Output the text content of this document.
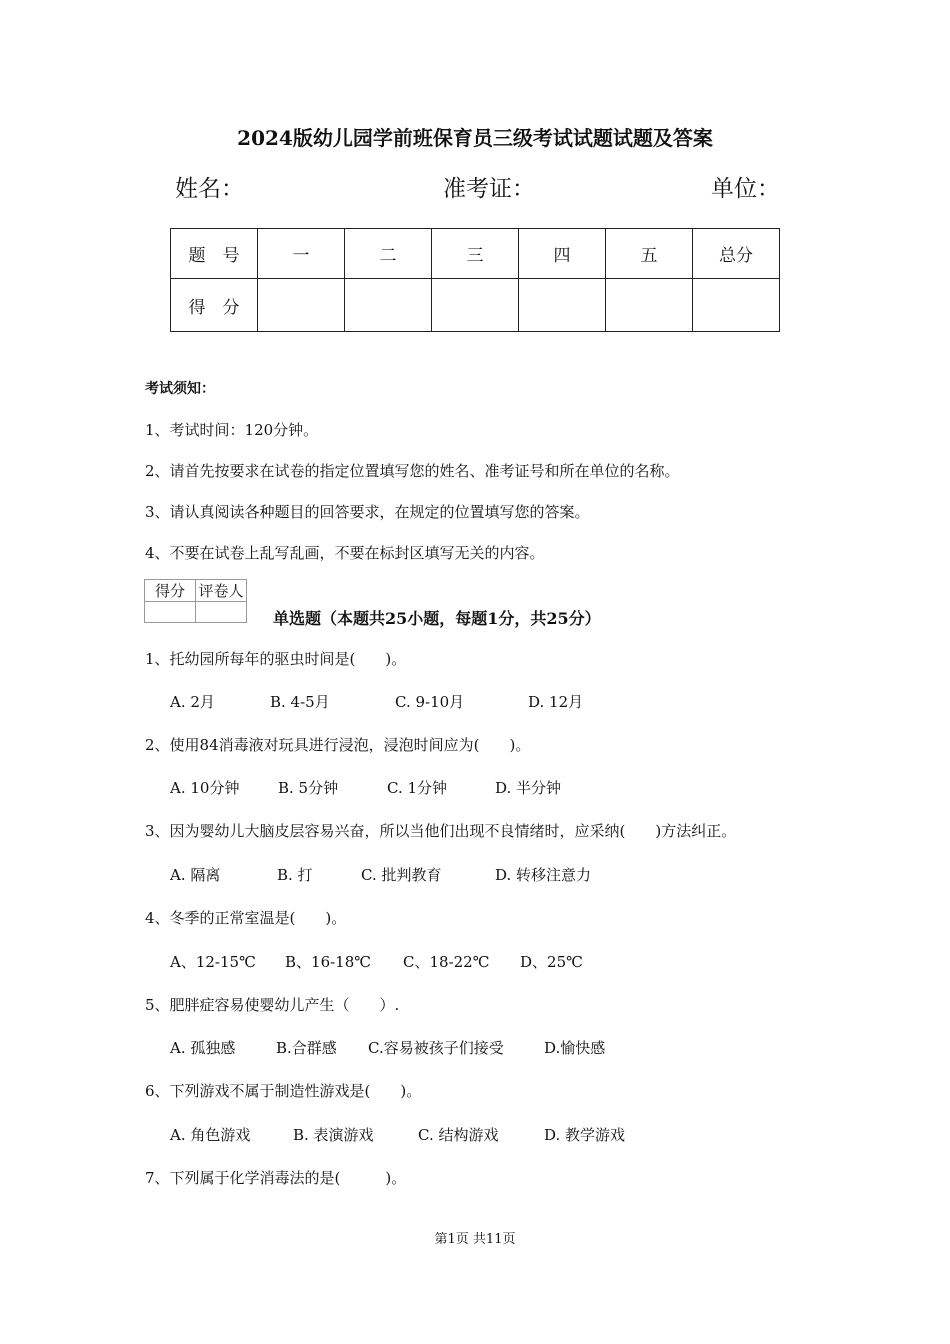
2024版幼儿园学前班保育员三级考试试题试题及答案
姓名：	准考证：	单位：
题　号	一	二	三	四	五	总分
得　分						
考试须知：
1、考试时间：120分钟。
2、请首先按要求在试卷的指定位置填写您的姓名、准考证号和所在单位的名称。
3、请认真阅读各种题目的回答要求，在规定的位置填写您的答案。
4、不要在试卷上乱写乱画，不要在标封区填写无关的内容。
得分	评卷人

单选题（本题共25小题，每题1分，共25分）
1、托幼园所每年的驱虫时间是(　　)。
A. 2月	B. 4-5月	C. 9-10月	D. 12月
2、使用84消毒液对玩具进行浸泡，浸泡时间应为(　　)。
A. 10分钟	B. 5分钟	C. 1分钟	D. 半分钟
3、因为婴幼儿大脑皮层容易兴奋，所以当他们出现不良情绪时，应采纳(　　)方法纠正。
A. 隔离	B. 打	C. 批判教育	D. 转移注意力
4、冬季的正常室温是(　　)。
A、12-15℃ B、16-18℃ C、18-22℃ D、25℃
5、肥胖症容易使婴幼儿产生（　　）.
A. 孤独感	B.合群感 C.容易被孩子们接受	D.愉快感
6、下列游戏不属于制造性游戏是(　　)。
A. 角色游戏	B. 表演游戏	C. 结构游戏	D. 教学游戏
7、下列属于化学消毒法的是(　　　)。
第1页 共11页
